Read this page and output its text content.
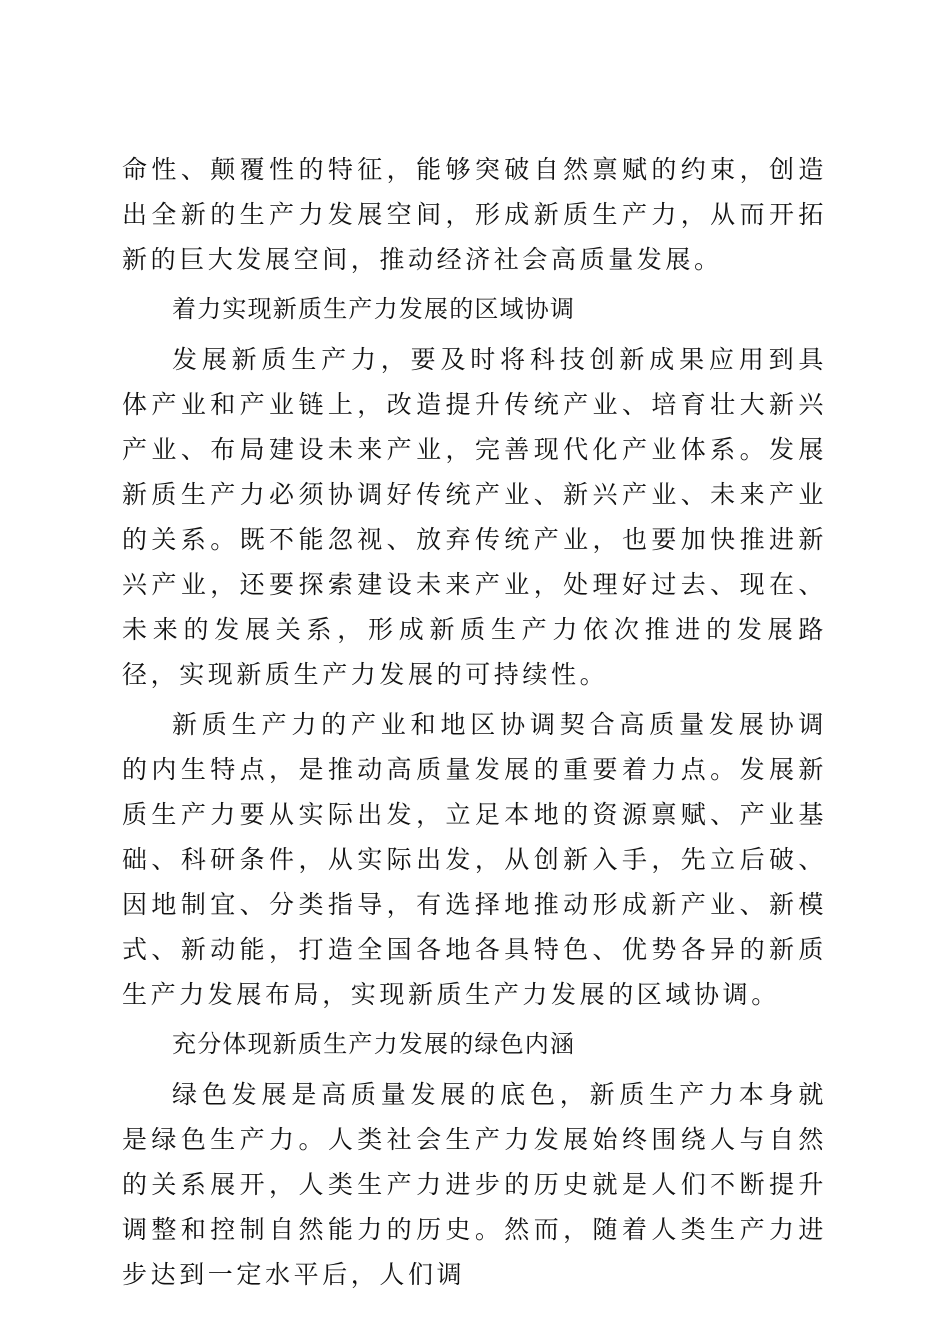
命性、颠覆性的特征，能够突破自然禀赋的约束，创造出全新的生产力发展空间，形成新质生产力，从而开拓新的巨大发展空间，推动经济社会高质量发展。

着力实现新质生产力发展的区域协调

发展新质生产力，要及时将科技创新成果应用到具体产业和产业链上，改造提升传统产业、培育壮大新兴产业、布局建设未来产业，完善现代化产业体系。发展新质生产力必须协调好传统产业、新兴产业、未来产业的关系。既不能忽视、放弃传统产业，也要加快推进新兴产业，还要探索建设未来产业，处理好过去、现在、未来的发展关系，形成新质生产力依次推进的发展路径，实现新质生产力发展的可持续性。

新质生产力的产业和地区协调契合高质量发展协调的内生特点，是推动高质量发展的重要着力点。发展新质生产力要从实际出发，立足本地的资源禀赋、产业基础、科研条件，从实际出发，从创新入手，先立后破、因地制宜、分类指导，有选择地推动形成新产业、新模式、新动能，打造全国各地各具特色、优势各异的新质生产力发展布局，实现新质生产力发展的区域协调。

充分体现新质生产力发展的绿色内涵

绿色发展是高质量发展的底色，新质生产力本身就是绿色生产力。人类社会生产力发展始终围绕人与自然的关系展开，人类生产力进步的历史就是人们不断提升调整和控制自然能力的历史。然而，随着人类生产力进步达到一定水平后，人们调
